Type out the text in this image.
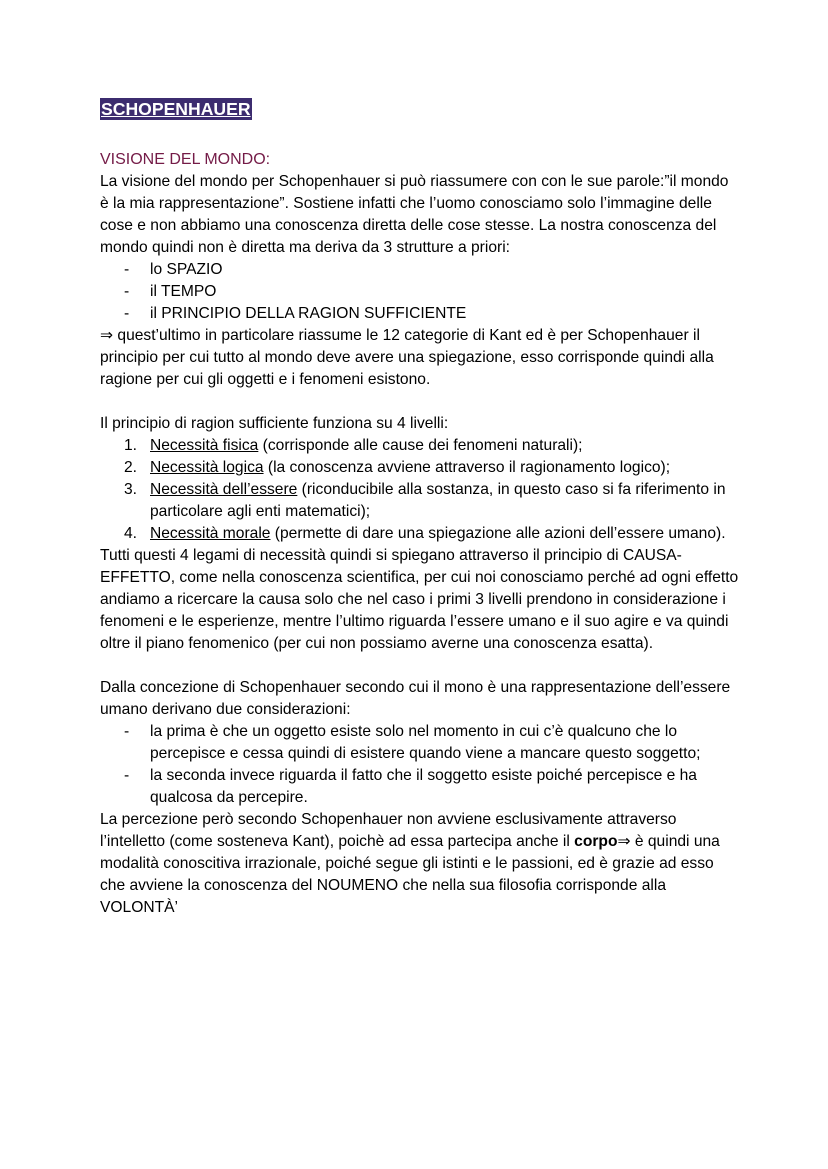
SCHOPENHAUER
VISIONE DEL MONDO:

La visione del mondo per Schopenhauer si può riassumere con con le sue parole:”il mondo è la mia rappresentazione”. Sostiene infatti che l’uomo conosciamo solo l’immagine delle cose e non abbiamo una conoscenza diretta delle cose stesse. La nostra conoscenza del mondo quindi non è diretta ma deriva da 3 strutture a priori:

- lo SPAZIO
- il TEMPO
- il PRINCIPIO DELLA RAGION SUFFICIENTE

⇒ quest’ultimo in particolare riassume le 12 categorie di Kant ed è per Schopenhauer il principio per cui tutto al mondo deve avere una spiegazione, esso corrisponde quindi alla ragione per cui gli oggetti e i fenomeni esistono.

Il principio di ragion sufficiente funziona su 4 livelli:

1. Necessità fisica (corrisponde alle cause dei fenomeni naturali);
2. Necessità logica (la conoscenza avviene attraverso il ragionamento logico);
3. Necessità dell’essere (riconducibile alla sostanza, in questo caso si fa riferimento in particolare agli enti matematici);
4. Necessità morale (permette di dare una spiegazione alle azioni dell’essere umano).

Tutti questi 4 legami di necessità quindi si spiegano attraverso il principio di CAUSA-EFFETTO, come nella conoscenza scientifica, per cui noi conosciamo perché ad ogni effetto andiamo a ricercare la causa solo che nel caso i primi 3 livelli prendono in considerazione i fenomeni e le esperienze, mentre l’ultimo riguarda l’essere umano e il suo agire e va quindi oltre il piano fenomenico (per cui non possiamo averne una conoscenza esatta).

Dalla concezione di Schopenhauer secondo cui il mono è una rappresentazione dell’essere umano derivano due considerazioni:

- la prima è che un oggetto esiste solo nel momento in cui c’è qualcuno che lo percepisce e cessa quindi di esistere quando viene a mancare questo soggetto;
- la seconda invece riguarda il fatto che il soggetto esiste poiché percepisce e ha qualcosa da percepire.

La percezione però secondo Schopenhauer non avviene esclusivamente attraverso l’intelletto (come sosteneva Kant), poichè ad essa partecipa anche il corpo⇒ è quindi una modalità conoscitiva irrazionale, poiché segue gli istinti e le passioni, ed è grazie ad esso che avviene la conoscenza del NOUMENO che nella sua filosofia corrisponde alla VOLONTÀ’
